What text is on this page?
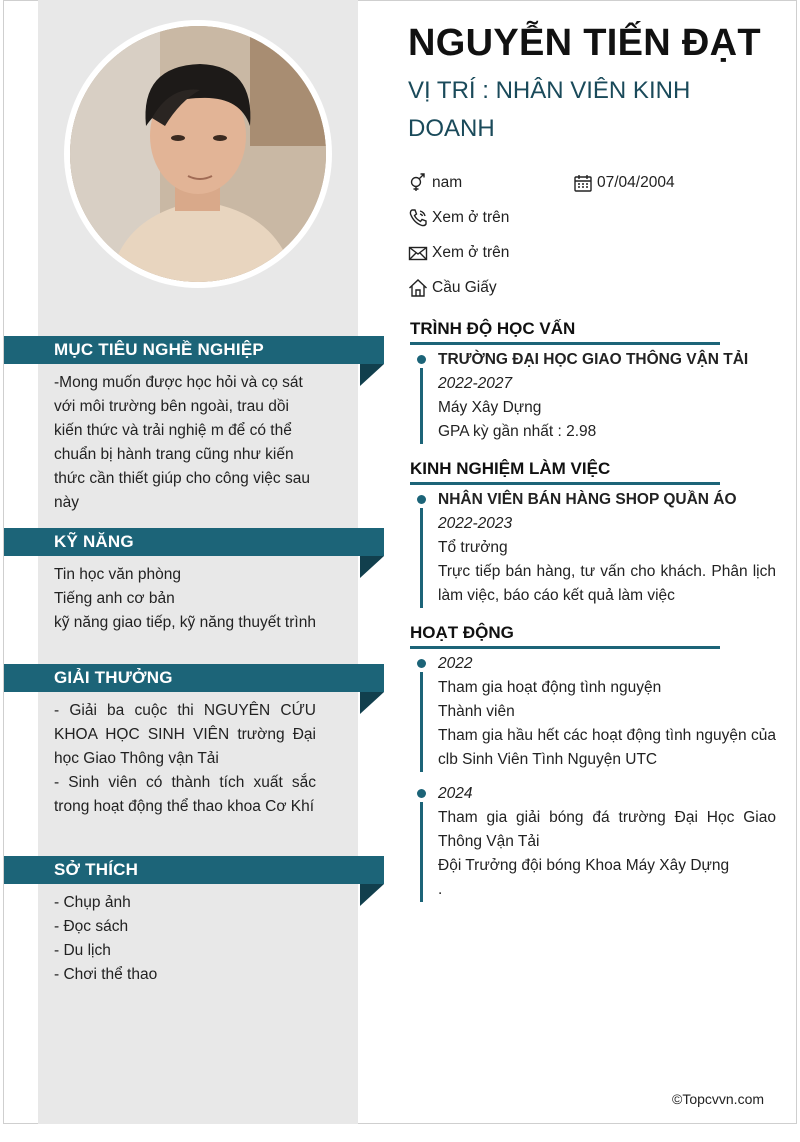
NGUYỄN TIẾN ĐẠT
VỊ TRÍ : NHÂN VIÊN KINH DOANH
nam	07/04/2004
Xem ở trên
Xem ở trên
Cầu Giấy
MỤC TIÊU NGHỀ NGHIỆP
-Mong muốn được học hỏi và cọ sát với môi trường bên ngoài, trau dồi kiến thức và trải nghiệ m để có thể chuẩn bị hành trang cũng như kiến thức cần thiết giúp cho công việc sau này
KỸ NĂNG
Tin học văn phòng
Tiếng anh cơ bản
kỹ năng giao tiếp, kỹ năng thuyết trình
GIẢI THƯỞNG
- Giải ba cuộc thi NGUYÊN CỨU KHOA HỌC SINH VIÊN trường Đại học Giao Thông vận Tải
- Sinh viên có thành tích xuất sắc trong hoạt động thể thao khoa Cơ Khí
SỞ THÍCH
- Chụp ảnh
- Đọc sách
- Du lịch
- Chơi thể thao
TRÌNH ĐỘ HỌC VẤN
TRƯỜNG ĐẠI HỌC GIAO THÔNG VẬN TẢI
2022-2027
Máy Xây Dựng
GPA kỳ gần nhất : 2.98
KINH NGHIỆM LÀM VIỆC
NHÂN VIÊN BÁN HÀNG SHOP QUẦN ÁO
2022-2023
Tổ trưởng
Trực tiếp bán hàng, tư vấn cho khách. Phân lịch làm việc, báo cáo kết quả làm việc
HOẠT ĐỘNG
2022
Tham gia hoạt động tình nguyện
Thành viên
Tham gia hầu hết các hoạt động tình nguyện của clb Sinh Viên Tình Nguyện UTC
2024
Tham gia giải bóng đá trường Đại Học Giao Thông Vận Tải
Đội Trưởng đội bóng Khoa Máy Xây Dựng
.
©Topcvvn.com
